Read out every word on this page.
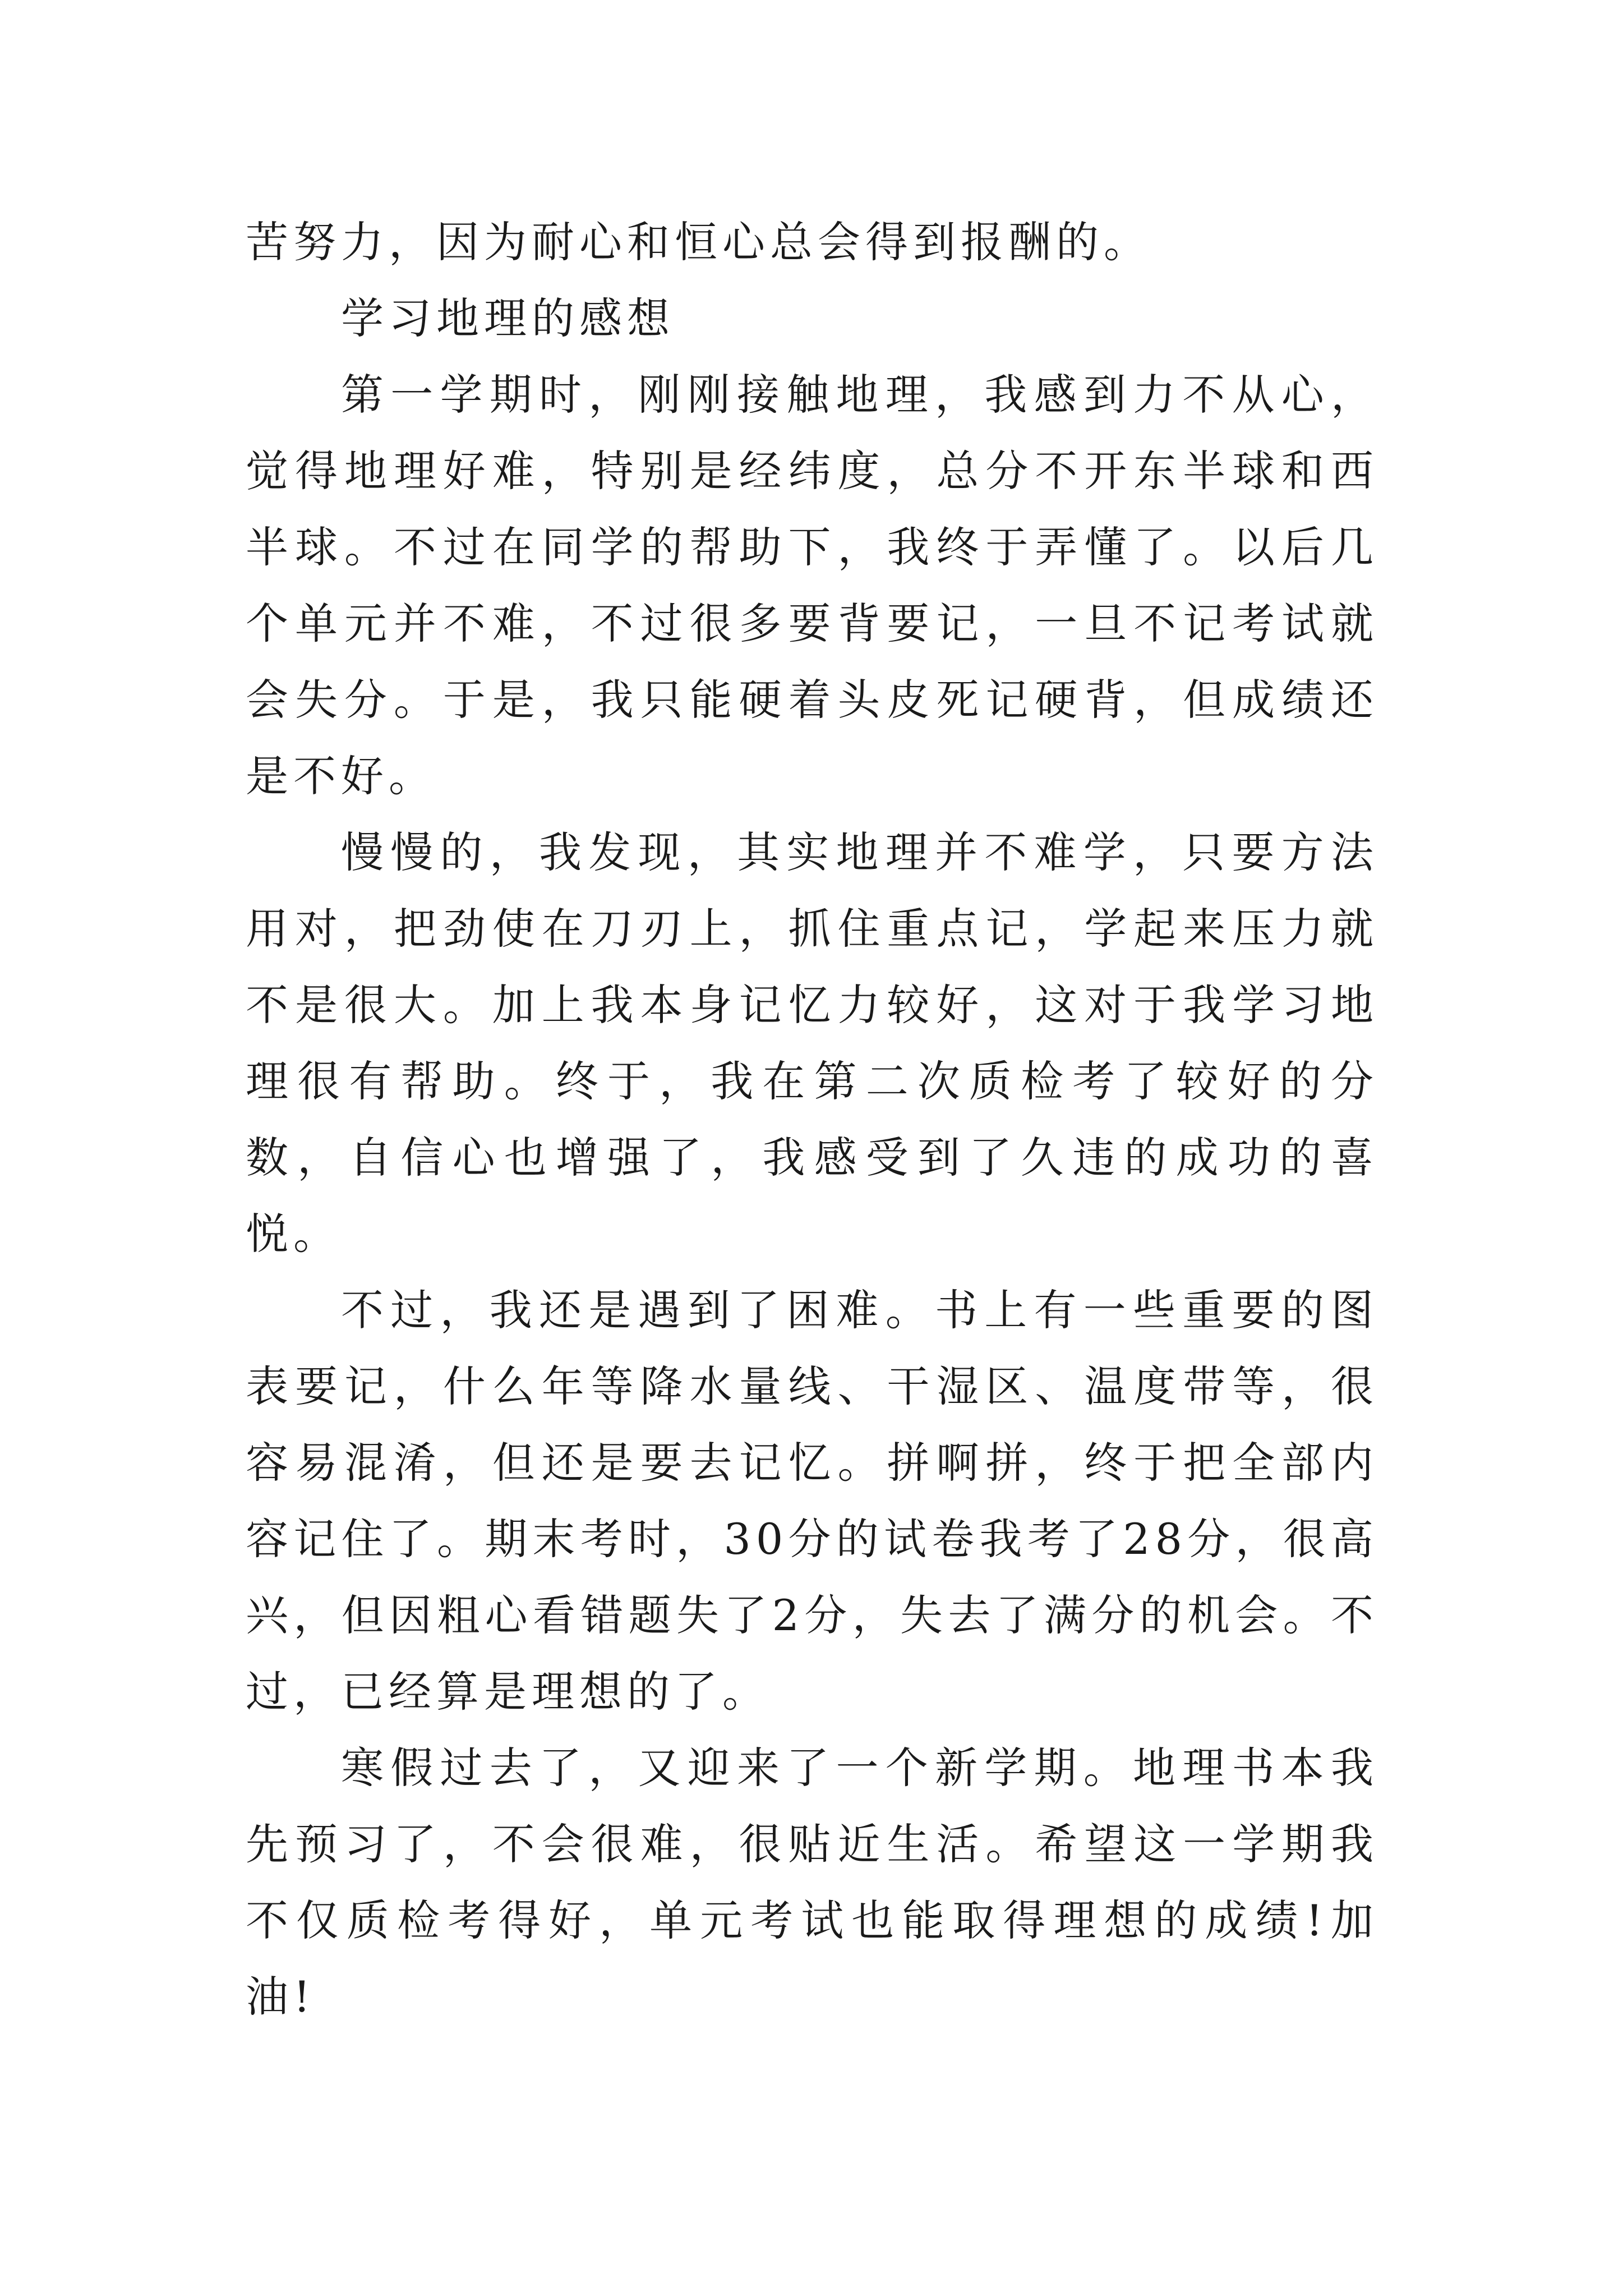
苦努力，因为耐心和恒心总会得到报酬的。

学习地理的感想

第一学期时，刚刚接触地理，我感到力不从心，觉得地理好难，特别是经纬度，总分不开东半球和西半球。不过在同学的帮助下，我终于弄懂了。以后几个单元并不难，不过很多要背要记，一旦不记考试就会失分。于是，我只能硬着头皮死记硬背，但成绩还是不好。

慢慢的，我发现，其实地理并不难学，只要方法用对，把劲使在刀刃上，抓住重点记，学起来压力就不是很大。加上我本身记忆力较好，这对于我学习地理很有帮助。终于，我在第二次质检考了较好的分数，自信心也增强了，我感受到了久违的成功的喜悦。

不过，我还是遇到了困难。书上有一些重要的图表要记，什么年等降水量线、干湿区、温度带等，很容易混淆，但还是要去记忆。拼啊拼，终于把全部内容记住了。期末考时，30分的试卷我考了28分，很高兴，但因粗心看错题失了2分，失去了满分的机会。不过，已经算是理想的了。

寒假过去了，又迎来了一个新学期。地理书本我先预习了，不会很难，很贴近生活。希望这一学期我不仅质检考得好，单元考试也能取得理想的成绩!加油!
